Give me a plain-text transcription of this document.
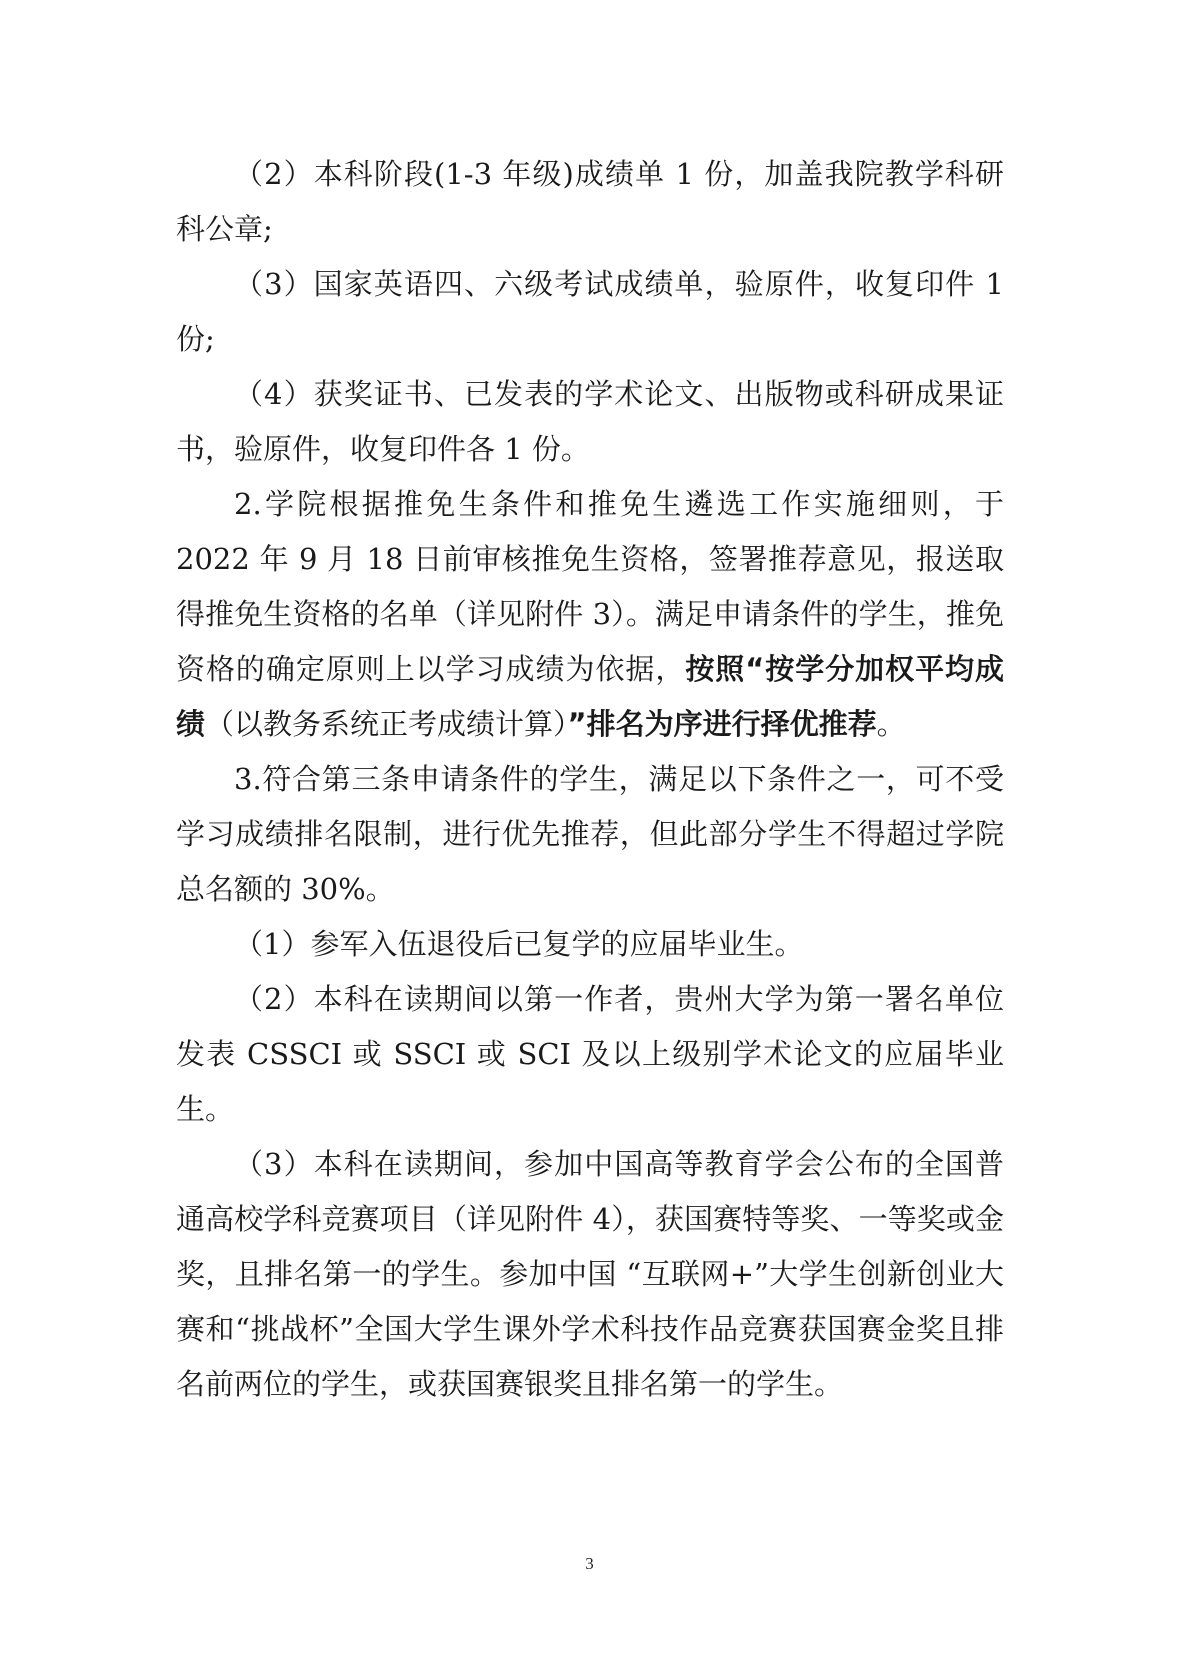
（2）本科阶段(1-3 年级)成绩单 1 份，加盖我院教学科研科公章;

（3）国家英语四、六级考试成绩单，验原件，收复印件 1 份;

（4）获奖证书、已发表的学术论文、出版物或科研成果证书，验原件，收复印件各 1 份。

2.学院根据推免生条件和推免生遴选工作实施细则，于 2022 年 9 月 18 日前审核推免生资格，签署推荐意见，报送取得推免生资格的名单（详见附件 3）。满足申请条件的学生，推免资格的确定原则上以学习成绩为依据，按照“按学分加权平均成绩（以教务系统正考成绩计算）”排名为序进行择优推荐。

3.符合第三条申请条件的学生，满足以下条件之一，可不受学习成绩排名限制，进行优先推荐，但此部分学生不得超过学院总名额的 30%。

（1）参军入伍退役后已复学的应届毕业生。

（2）本科在读期间以第一作者，贵州大学为第一署名单位发表 CSSCI 或 SSCI 或 SCI 及以上级别学术论文的应届毕业生。

（3）本科在读期间，参加中国高等教育学会公布的全国普通高校学科竞赛项目（详见附件 4），获国赛特等奖、一等奖或金奖，且排名第一的学生。参加中国 “互联网+”大学生创新创业大赛和“挑战杯”全国大学生课外学术科技作品竞赛获国赛金奖且排名前两位的学生，或获国赛银奖且排名第一的学生。

3
